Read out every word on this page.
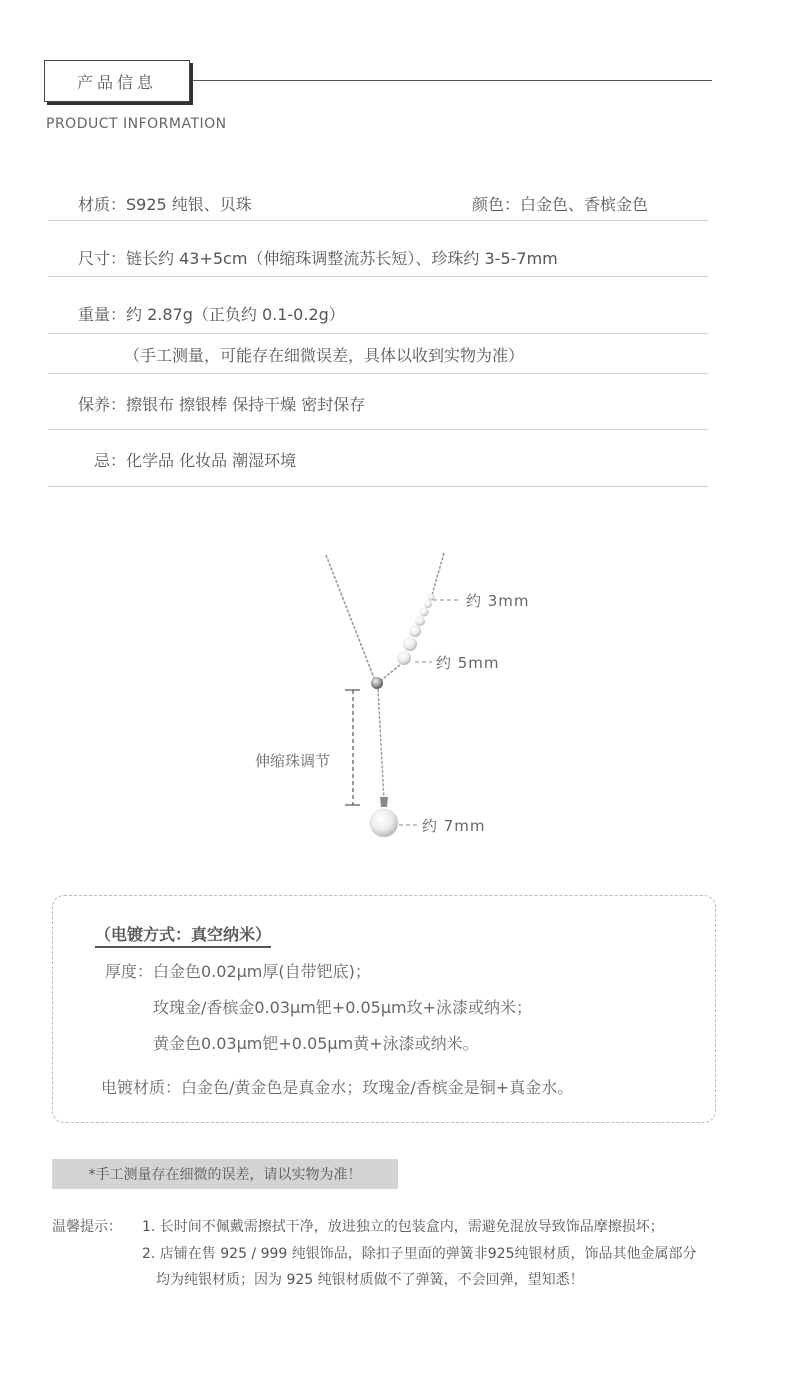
产品信息
PRODUCT INFORMATION
材质：S925 纯银、贝珠	颜色：白金色、香槟金色
尺寸：链长约 43+5cm（伸缩珠调整流苏长短）、珍珠约 3-5-7mm
重量：约 2.87g（正负约 0.1-0.2g）
（手工测量，可能存在细微误差，具体以收到实物为准）
保养：擦银布 擦银棒 保持干燥 密封保存
忌：化学品 化妆品 潮湿环境
约 3mm
约 5mm
约 7mm
伸缩珠调节
（电镀方式：真空纳米）
厚度：白金色0.02μm厚(自带钯底)；
玫瑰金/香槟金0.03μm钯+0.05μm玫+泳漆或纳米；
黄金色0.03μm钯+0.05μm黄+泳漆或纳米。
电镀材质：白金色/黄金色是真金水；玫瑰金/香槟金是铜+真金水。
*手工测量存在细微的误差，请以实物为准！
温馨提示： 1. 长时间不佩戴需擦拭干净，放进独立的包装盒内，需避免混放导致饰品摩擦损坏；
2. 店铺在售 925 / 999 纯银饰品，除扣子里面的弹簧非925纯银材质，饰品其他金属部分
均为纯银材质；因为 925 纯银材质做不了弹簧，不会回弹，望知悉！
